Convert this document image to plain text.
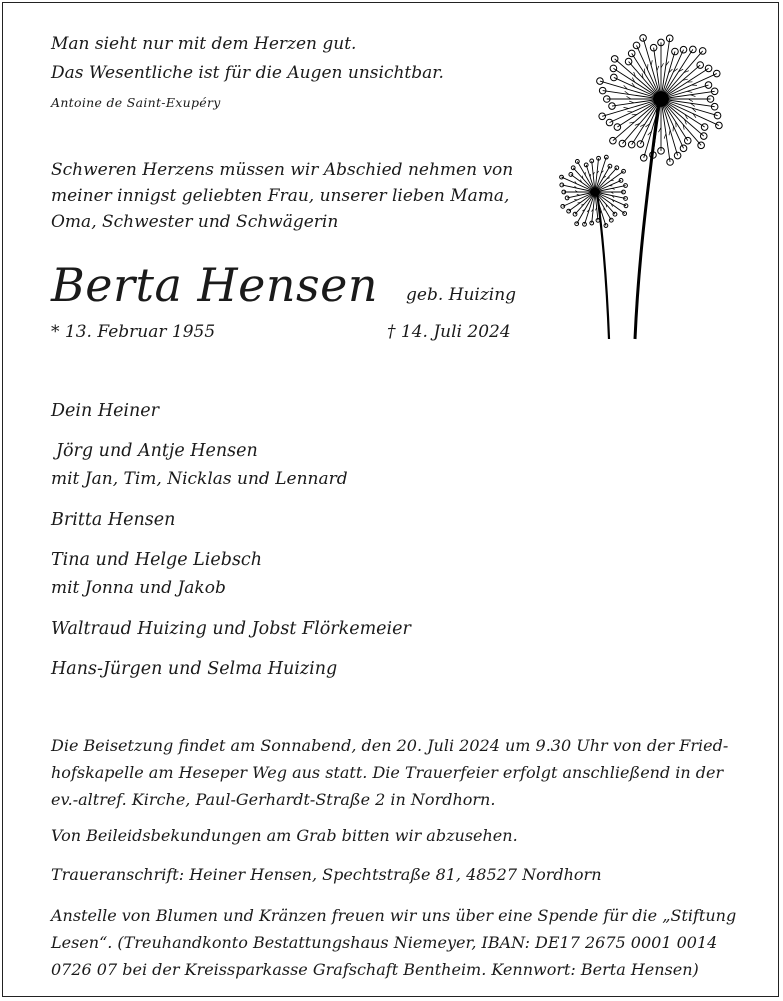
Man sieht nur mit dem Herzen gut.
Das Wesentliche ist für die Augen unsichtbar.
Antoine de Saint-Exupéry
Schweren Herzens müssen wir Abschied nehmen von
meiner innigst geliebten Frau, unserer lieben Mama,
Oma, Schwester und Schwägerin
Berta Hensen geb. Huizing
* 13. Februar 1955	† 14. Juli 2024
Dein Heiner
Jörg und Antje Hensen
mit Jan, Tim, Nicklas und Lennard
Britta Hensen
Tina und Helge Liebsch
mit Jonna und Jakob
Waltraud Huizing und Jobst Flörkemeier
Hans-Jürgen und Selma Huizing
Die Beisetzung findet am Sonnabend, den 20. Juli 2024 um 9.30 Uhr von der Fried-
hofskapelle am Heseper Weg aus statt. Die Trauerfeier erfolgt anschließend in der
ev.-altref. Kirche, Paul-Gerhardt-Straße 2 in Nordhorn.
Von Beileidsbekundungen am Grab bitten wir abzusehen.
Traueranschrift: Heiner Hensen, Spechtstraße 81, 48527 Nordhorn
Anstelle von Blumen und Kränzen freuen wir uns über eine Spende für die „Stiftung
Lesen“. (Treuhandkonto Bestattungshaus Niemeyer, IBAN: DE17 2675 0001 0014
0726 07 bei der Kreissparkasse Grafschaft Bentheim. Kennwort: Berta Hensen)
